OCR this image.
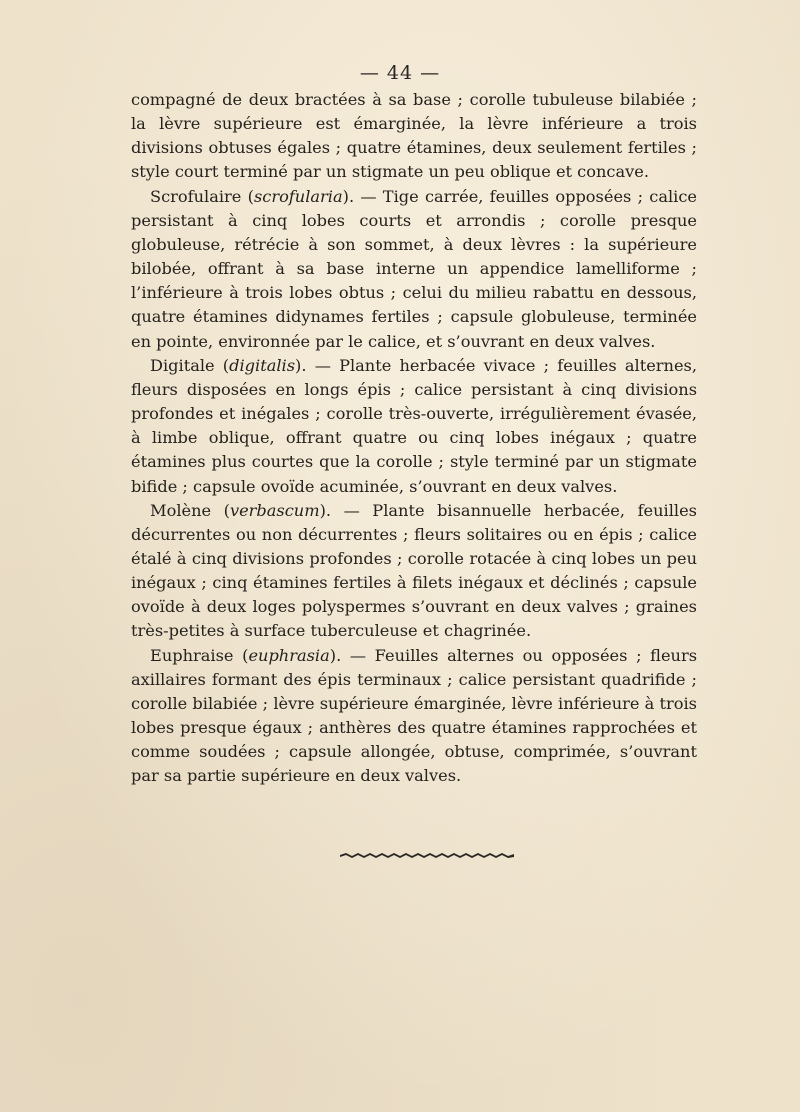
— 44 —

compagné de deux bractées à sa base ; corolle tubuleuse bilabiée ; la lèvre supérieure est émarginée, la lèvre inférieure a trois divisions obtuses égales ; quatre étamines, deux seulement fertiles ; style court terminé par un stigmate un peu oblique et concave.

Scrofulaire (scrofularia). — Tige carrée, feuilles opposées ; calice persistant à cinq lobes courts et arrondis ; corolle presque globuleuse, rétrécie à son sommet, à deux lèvres : la supérieure bilobée, offrant à sa base interne un appendice lamelliforme ; l’inférieure à trois lobes obtus ; celui du milieu rabattu en dessous, quatre étamines didynames fertiles ; capsule globuleuse, terminée en pointe, environnée par le calice, et s’ouvrant en deux valves.

Digitale (digitalis). — Plante herbacée vivace ; feuilles alternes, fleurs disposées en longs épis ; calice persistant à cinq divisions profondes et inégales ; corolle très-ouverte, irrégulièrement évasée, à limbe oblique, offrant quatre ou cinq lobes inégaux ; quatre étamines plus courtes que la corolle ; style terminé par un stigmate bifide ; capsule ovoïde acuminée, s’ouvrant en deux valves.

Molène (verbascum). — Plante bisannuelle herbacée, feuilles décurrentes ou non décurrentes ; fleurs solitaires ou en épis ; calice étalé à cinq divisions profondes ; corolle rotacée à cinq lobes un peu inégaux ; cinq étamines fertiles à filets inégaux et déclinés ; capsule ovoïde à deux loges polyspermes s’ouvrant en deux valves ; graines très-petites à surface tuberculeuse et chagrinée.

Euphraise (euphrasia). — Feuilles alternes ou opposées ; fleurs axillaires formant des épis terminaux ; calice persistant quadrifide ; corolle bilabiée ; lèvre supérieure émarginée, lèvre inférieure à trois lobes presque égaux ; anthères des quatre étamines rapprochées et comme soudées ; capsule allongée, obtuse, comprimée, s’ouvrant par sa partie supérieure en deux valves.
